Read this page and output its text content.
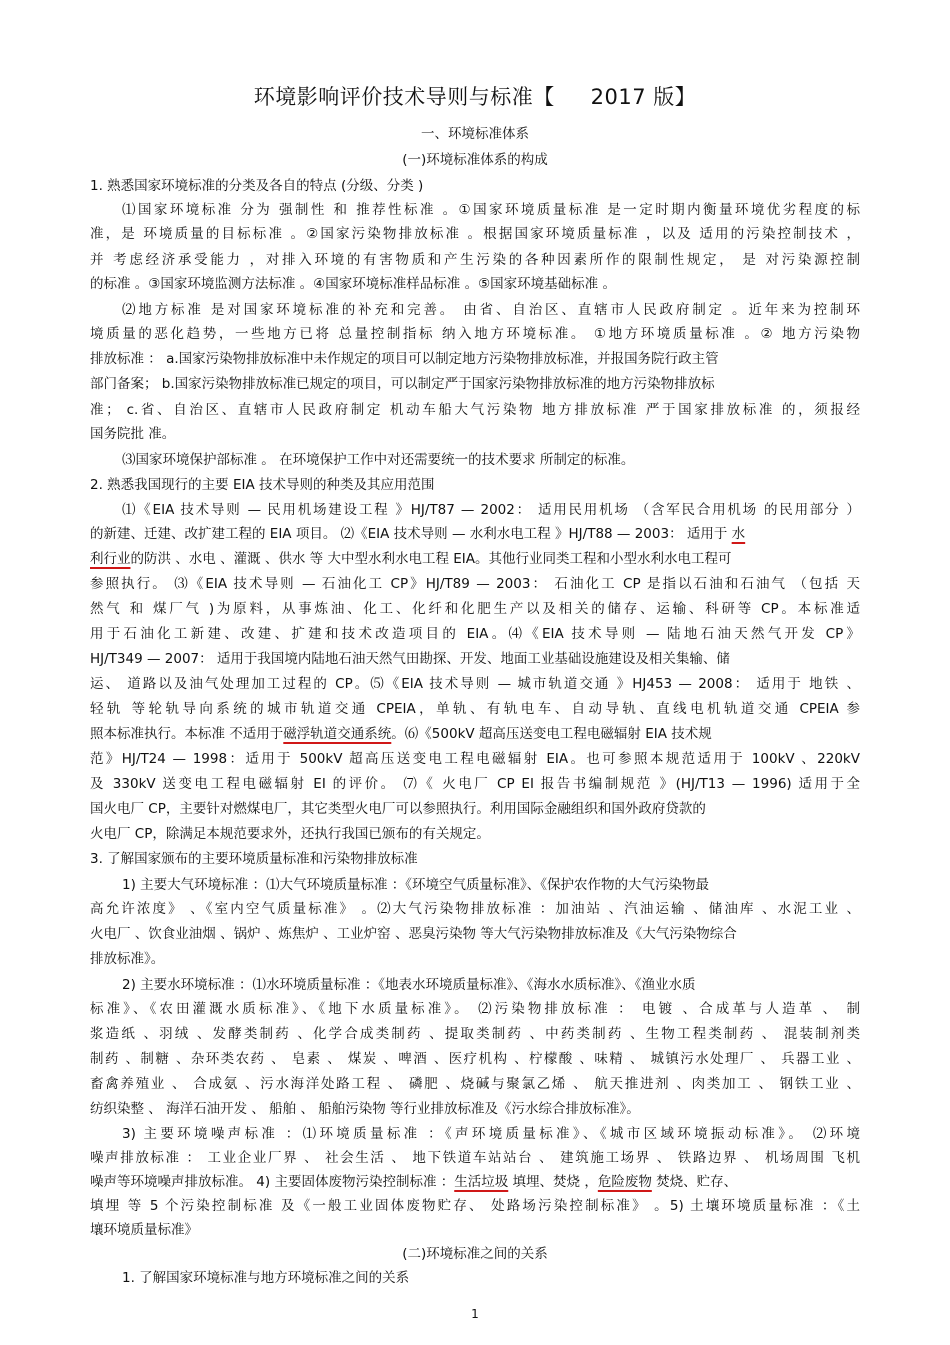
环境影响评价技术导则与标准【     2017 版】
一、环境标准体系
(一)环境标准体系的构成
1. 熟悉国家环境标准的分类及各自的特点 (分级、分类 )
⑴国家环境标准 分为 强制性 和 推荐性标准 。①国家环境质量标准 是一定时期内衡量环境优劣程度的标
准，是 环境质量的目标标准 。②国家污染物排放标准 。根据国家环境质量标准 ，以及 适用的污染控制技术 ，
并 考虑经济承受能力 ，对排入环境的有害物质和产生污染的各种因素所作的限制性规定， 是 对污染源控制
的标准 。③国家环境监测方法标准 。④国家环境标准样品标准 。⑤国家环境基础标准 。
⑵地方标准 是对国家环境标准的补充和完善。 由省、自治区、直辖市人民政府制定 。近年来为控制环
境质量的恶化趋势，一些地方已将 总量控制指标 纳入地方环境标准。 ①地方环境质量标准 。② 地方污染物
排放标准 ： a.国家污染物排放标准中未作规定的项目可以制定地方污染物排放标准，并报国务院行政主管
部门备案； b.国家污染物排放标准已规定的项目，可以制定严于国家污染物排放标准的地方污染物排放标
准； c.省、自治区、直辖市人民政府制定 机动车船大气污染物 地方排放标准 严于国家排放标准 的，须报经
国务院批 准。
⑶国家环境保护部标准 。 在环境保护工作中对还需要统一的技术要求 所制定的标准。
2. 熟悉我国现行的主要 EIA 技术导则的种类及其应用范围
⑴《EIA 技术导则 — 民用机场建设工程 》HJ/T87 — 2002： 适用民用机场 （含军民合用机场 的民用部分 ）
的新建、迁建、改扩建工程的 EIA 项目。 ⑵《EIA 技术导则 — 水利水电工程 》HJ/T88 — 2003： 适用于 水
利行业的防洪 、水电 、灌溉 、供水 等 大中型水利水电工程 EIA。其他行业同类工程和小型水利水电工程可
参照执行。 ⑶《EIA 技术导则 — 石油化工 CP》HJ/T89 — 2003： 石油化工 CP 是指以石油和石油气 （包括 天
然气 和 煤厂气 )为原料，从事炼油、化工、化纤和化肥生产以及相关的储存、运输、科研等 CP。本标准适
用于石油化工新建、改建、扩建和技术改造项目的 EIA。⑷《EIA 技术导则 — 陆地石油天然气开发 CP》
HJ/T349 — 2007： 适用于我国境内陆地石油天然气田勘探、开发、地面工业基础设施建设及相关集输、储
运、 道路以及油气处理加工过程的 CP。⑸《EIA 技术导则 — 城市轨道交通 》HJ453 — 2008： 适用于 地铁 、
轻轨 等轮轨导向系统的城市轨道交通 CPEIA，单轨、有轨电车、自动导轨、直线电机轨道交通 CPEIA 参
照本标准执行。本标准 不适用于磁浮轨道交通系统。⑹《500kV 超高压送变电工程电磁辐射 EIA 技术规
范》HJ/T24 — 1998：适用于 500kV 超高压送变电工程电磁辐射 EIA。也可参照本规范适用于 100kV 、220kV
及 330kV 送变电工程电磁辐射 EI 的评价。 ⑺《 火电厂 CP EI 报告书编制规范 》(HJ/T13 — 1996) 适用于全
国火电厂 CP，主要针对燃煤电厂，其它类型火电厂可以参照执行。利用国际金融组织和国外政府贷款的
火电厂 CP，除满足本规范要求外，还执行我国已颁布的有关规定。
3. 了解国家颁布的主要环境质量标准和污染物排放标准
1) 主要大气环境标准 ：⑴大气环境质量标准 ：《环境空气质量标准》、《保护农作物的大气污染物最
高允许浓度》 、《室内空气质量标准》 。⑵大气污染物排放标准 ：加油站 、汽油运输 、储油库 、水泥工业 、
火电厂 、饮食业油烟 、锅炉 、炼焦炉 、工业炉窑 、恶臭污染物 等大气污染物排放标准及《大气污染物综合
排放标准》。
2) 主要水环境标准 ：⑴水环境质量标准 ：《地表水环境质量标准》、《海水水质标准》、《渔业水质
标准》、《农田灌溉水质标准》、《地下水质量标准》。 ⑵污染物排放标准 ： 电镀 、合成革与人造革 、 制
浆造纸 、羽绒 、发酵类制药 、化学合成类制药 、提取类制药 、中药类制药 、生物工程类制药 、 混装制剂类
制药 、制糖 、杂环类农药 、 皂素 、 煤炭 、啤酒 、医疗机构 、柠檬酸 、味精 、 城镇污水处理厂 、 兵器工业 、
畜禽养殖业 、 合成氨 、污水海洋处路工程 、 磷肥 、烧碱与聚氯乙烯 、 航天推进剂 、肉类加工 、 钢铁工业 、
纺织染整 、 海洋石油开发 、 船舶 、 船舶污染物 等行业排放标准及《污水综合排放标准》。
3) 主要环境噪声标准 ：⑴环境质量标准 ：《声环境质量标准》、《城市区域环境振动标准》。 ⑵环境
噪声排放标准 ： 工业企业厂界 、 社会生活 、 地下铁道车站站台 、 建筑施工场界 、 铁路边界 、 机场周围 飞机
噪声等环境噪声排放标准。 4) 主要固体废物污染控制标准 ：生活垃圾 填埋、焚烧 ，危险废物 焚烧、贮存、
填埋 等 5 个污染控制标准 及《一般工业固体废物贮存、 处路场污染控制标准》 。5) 土壤环境质量标准 ：《土
壤环境质量标准》
(二)环境标准之间的关系
1. 了解国家环境标准与地方环境标准之间的关系
1
